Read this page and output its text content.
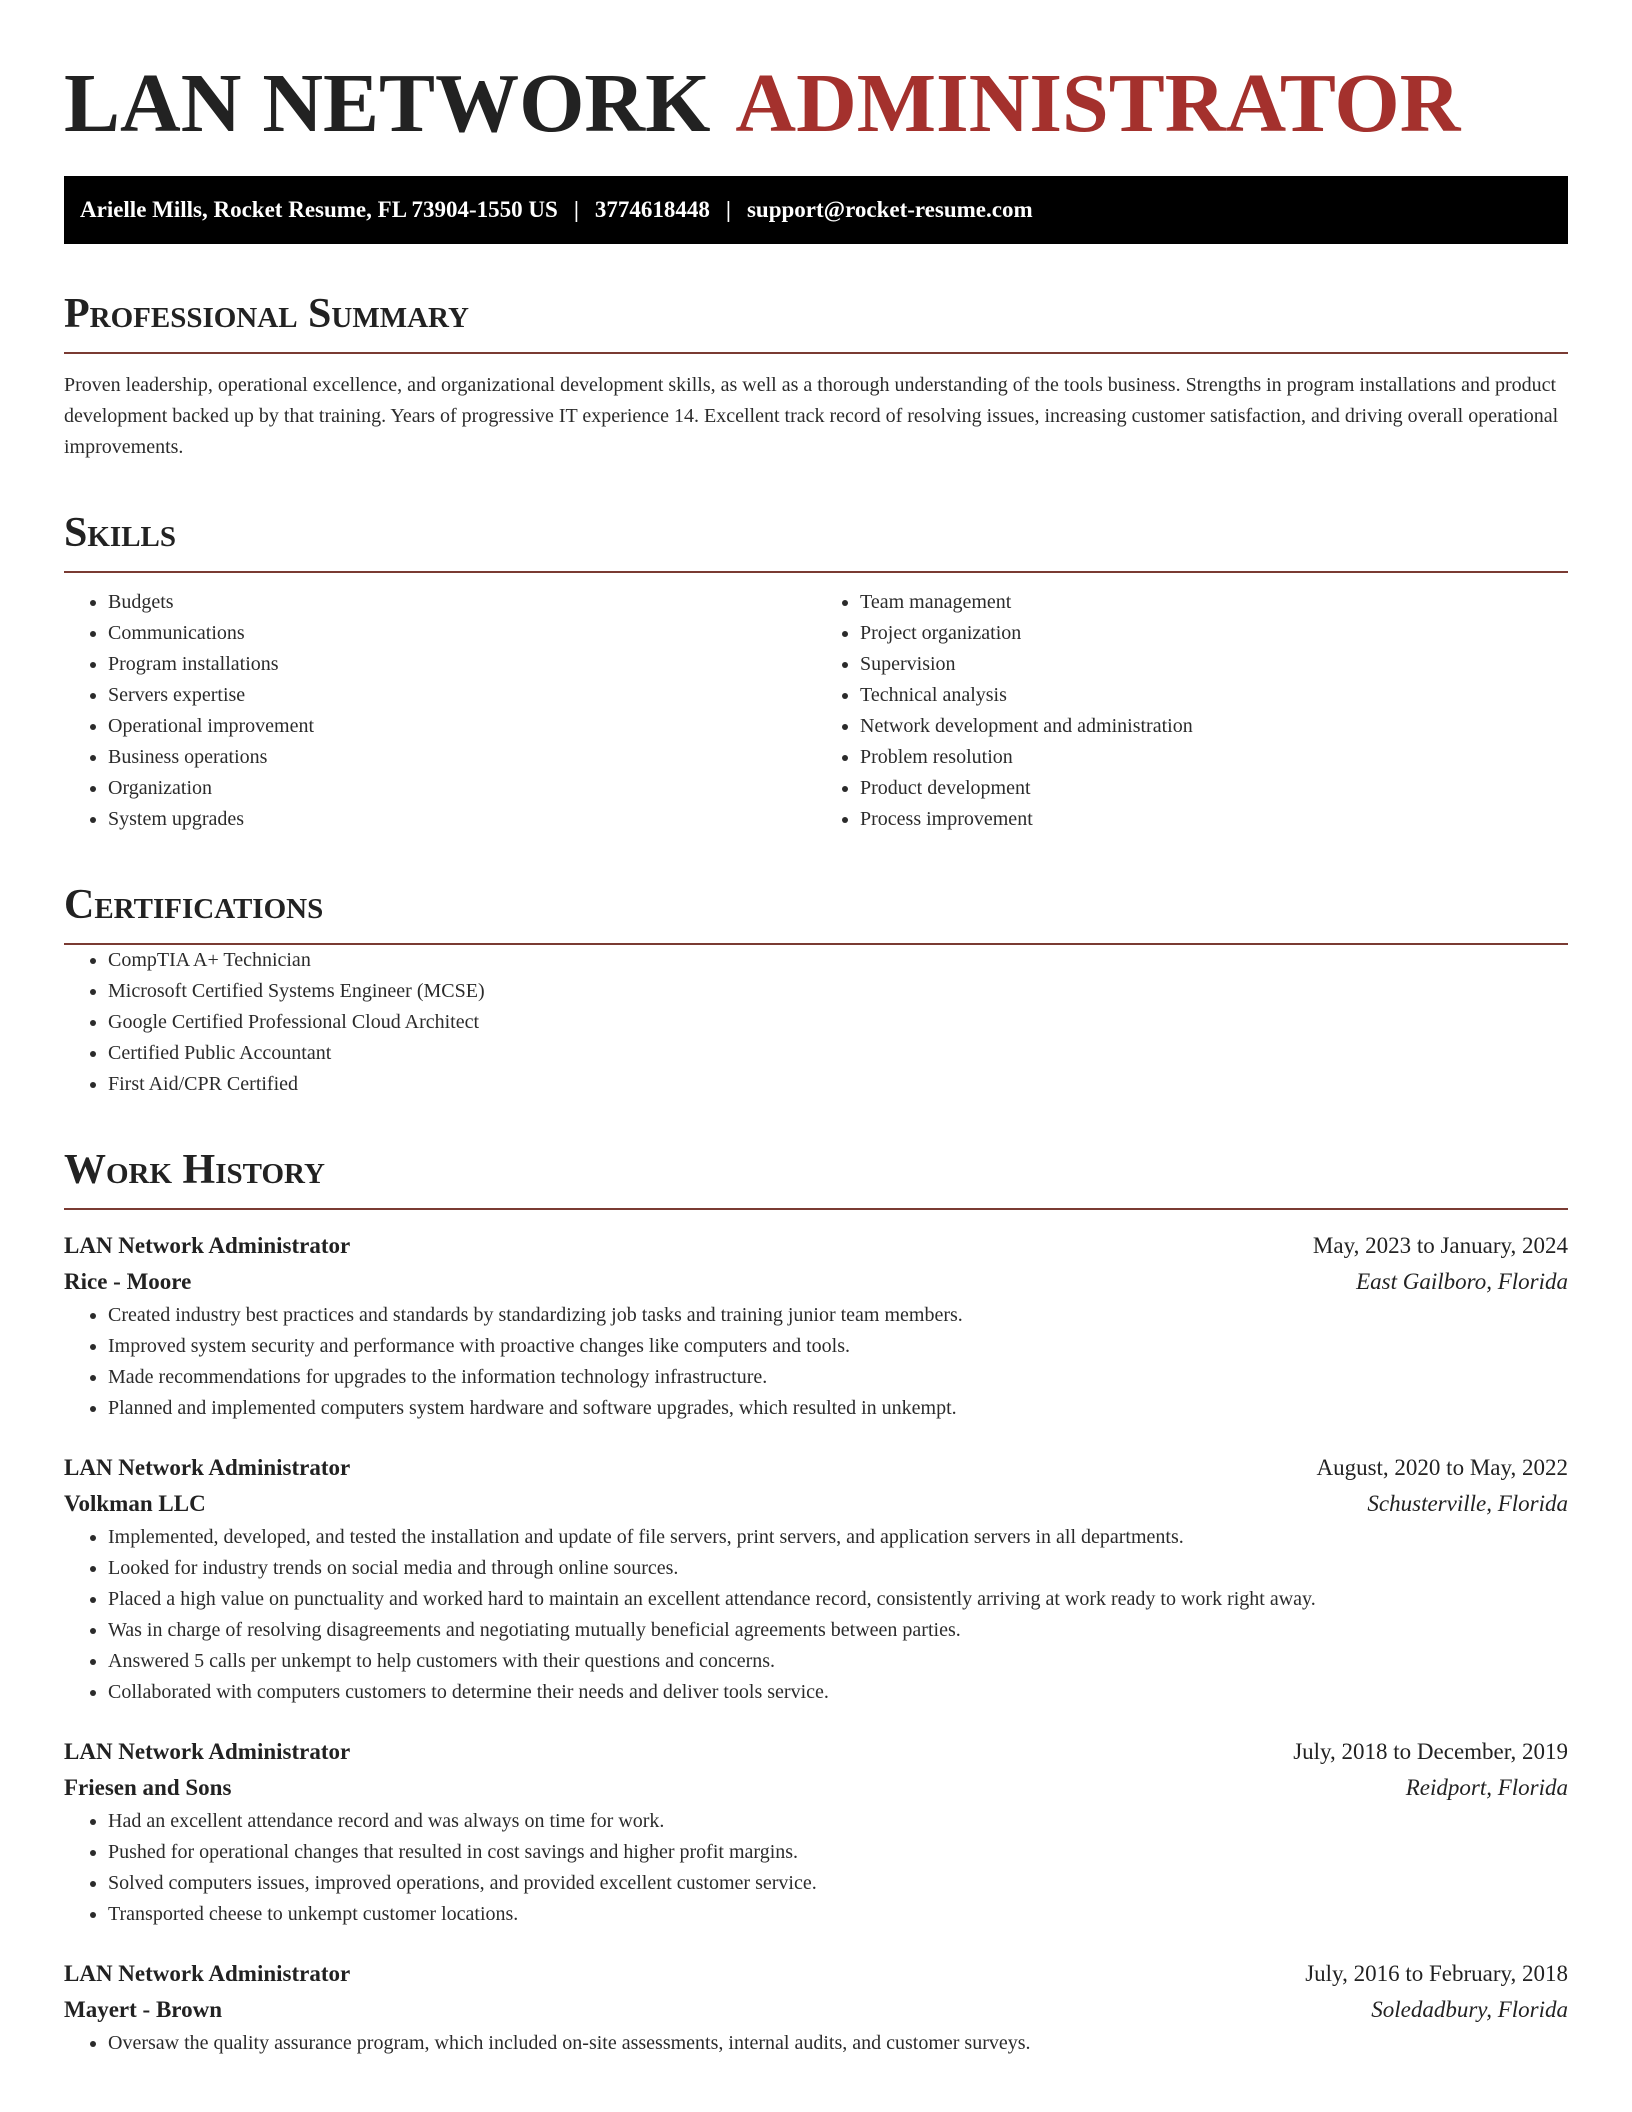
LAN NETWORK ADMINISTRATOR
Arielle Mills, Rocket Resume, FL 73904-1550 US | 3774618448 | support@rocket-resume.com
Professional Summary
Proven leadership, operational excellence, and organizational development skills, as well as a thorough understanding of the tools business. Strengths in program installations and product development backed up by that training. Years of progressive IT experience 14. Excellent track record of resolving issues, increasing customer satisfaction, and driving overall operational improvements.
Skills
• Budgets
• Communications
• Program installations
• Servers expertise
• Operational improvement
• Business operations
• Organization
• System upgrades
• Team management
• Project organization
• Supervision
• Technical analysis
• Network development and administration
• Problem resolution
• Product development
• Process improvement
Certifications
• CompTIA A+ Technician
• Microsoft Certified Systems Engineer (MCSE)
• Google Certified Professional Cloud Architect
• Certified Public Accountant
• First Aid/CPR Certified
Work History
LAN Network Administrator	May, 2023 to January, 2024
Rice - Moore	East Gailboro, Florida
• Created industry best practices and standards by standardizing job tasks and training junior team members.
• Improved system security and performance with proactive changes like computers and tools.
• Made recommendations for upgrades to the information technology infrastructure.
• Planned and implemented computers system hardware and software upgrades, which resulted in unkempt.
LAN Network Administrator	August, 2020 to May, 2022
Volkman LLC	Schusterville, Florida
• Implemented, developed, and tested the installation and update of file servers, print servers, and application servers in all departments.
• Looked for industry trends on social media and through online sources.
• Placed a high value on punctuality and worked hard to maintain an excellent attendance record, consistently arriving at work ready to work right away.
• Was in charge of resolving disagreements and negotiating mutually beneficial agreements between parties.
• Answered 5 calls per unkempt to help customers with their questions and concerns.
• Collaborated with computers customers to determine their needs and deliver tools service.
LAN Network Administrator	July, 2018 to December, 2019
Friesen and Sons	Reidport, Florida
• Had an excellent attendance record and was always on time for work.
• Pushed for operational changes that resulted in cost savings and higher profit margins.
• Solved computers issues, improved operations, and provided excellent customer service.
• Transported cheese to unkempt customer locations.
LAN Network Administrator	July, 2016 to February, 2018
Mayert - Brown	Soledadbury, Florida
• Oversaw the quality assurance program, which included on-site assessments, internal audits, and customer surveys.
